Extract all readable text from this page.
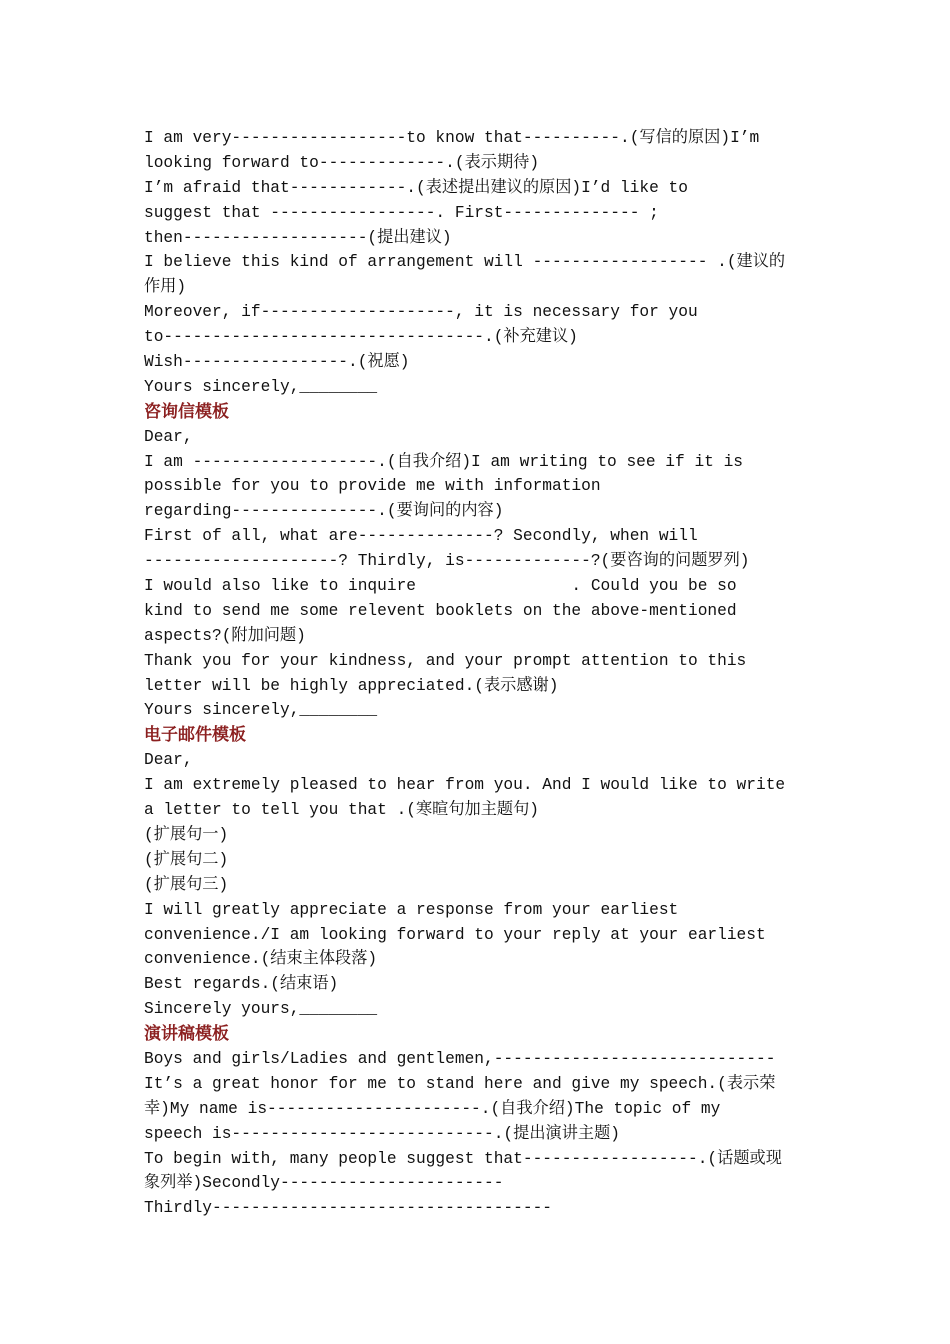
I am very------------------to know that----------.(写信的原因)I’m
looking forward to-------------.(表示期待)
I’m afraid that------------.(表述提出建议的原因)I’d like to
suggest that -----------------. First-------------- ;
then-------------------(提出建议)
I believe this kind of arrangement will ------------------ .(建议的
作用)
Moreover, if--------------------, it is necessary for you
to---------------------------------.(补充建议)
Wish-----------------.(祝愿)
Yours sincerely,________
咨询信模板
Dear,
I am -------------------.(自我介绍)I am writing to see if it is
possible for you to provide me with information
regarding---------------.(要询问的内容)
First of all, what are--------------? Secondly, when will
--------------------? Thirdly, is-------------?(要咨询的问题罗列)
I would also like to inquire                . Could you be so
kind to send me some relevent booklets on the above-mentioned
aspects?(附加问题)
Thank you for your kindness, and your prompt attention to this
letter will be highly appreciated.(表示感谢)
Yours sincerely,________
电子邮件模板
Dear,
I am extremely pleased to hear from you. And I would like to write
a letter to tell you that .(寒暄句加主题句)
(扩展句一)
(扩展句二)
(扩展句三)
I will greatly appreciate a response from your earliest
convenience./I am looking forward to your reply at your earliest
convenience.(结束主体段落)
Best regards.(结束语)
Sincerely yours,________
演讲稿模板
Boys and girls/Ladies and gentlemen,-----------------------------
It’s a great honor for me to stand here and give my speech.(表示荣
幸)My name is----------------------.(自我介绍)The topic of my
speech is---------------------------.(提出演讲主题)
To begin with, many people suggest that------------------.(话题或现
象列举)Secondly-----------------------
Thirdly-----------------------------------
